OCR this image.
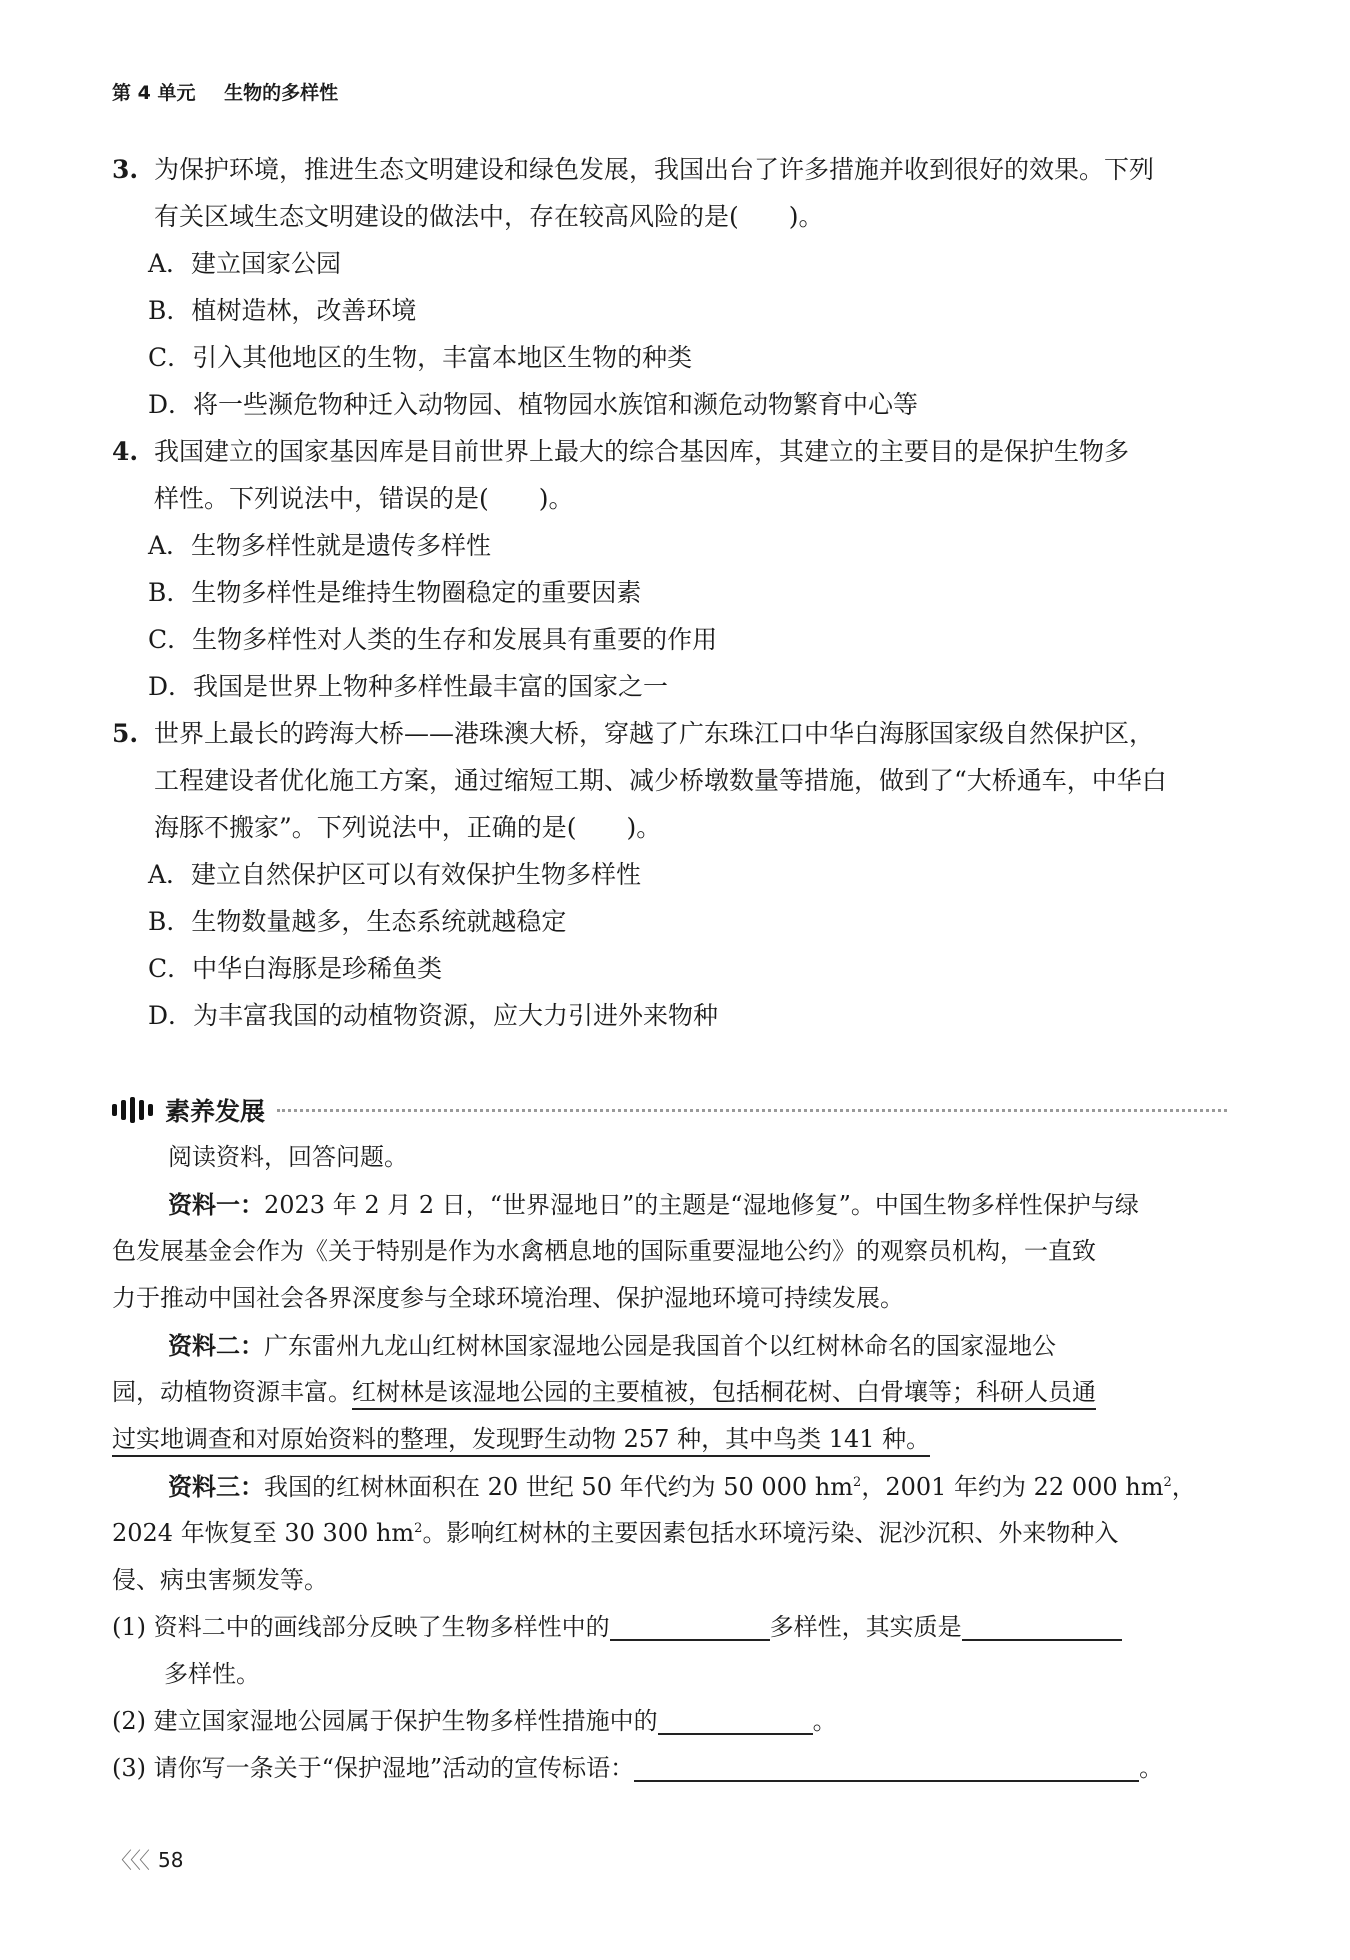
第 4 单元 生物的多样性
3. 为保护环境，推进生态文明建设和绿色发展，我国出台了许多措施并收到很好的效果。下列
有关区域生态文明建设的做法中，存在较高风险的是( )。
A．建立国家公园
B．植树造林，改善环境
C．引入其他地区的生物，丰富本地区生物的种类
D．将一些濒危物种迁入动物园、植物园水族馆和濒危动物繁育中心等
4. 我国建立的国家基因库是目前世界上最大的综合基因库，其建立的主要目的是保护生物多
样性。下列说法中，错误的是( )。
A．生物多样性就是遗传多样性
B．生物多样性是维持生物圈稳定的重要因素
C．生物多样性对人类的生存和发展具有重要的作用
D．我国是世界上物种多样性最丰富的国家之一
5. 世界上最长的跨海大桥——港珠澳大桥，穿越了广东珠江口中华白海豚国家级自然保护区，
工程建设者优化施工方案，通过缩短工期、减少桥墩数量等措施，做到了“大桥通车，中华白
海豚不搬家”。下列说法中，正确的是( )。
A．建立自然保护区可以有效保护生物多样性
B．生物数量越多，生态系统就越稳定
C．中华白海豚是珍稀鱼类
D．为丰富我国的动植物资源，应大力引进外来物种
素养发展
阅读资料，回答问题。
资料一：2023 年 2 月 2 日，“世界湿地日”的主题是“湿地修复”。中国生物多样性保护与绿
色发展基金会作为《关于特别是作为水禽栖息地的国际重要湿地公约》的观察员机构，一直致
力于推动中国社会各界深度参与全球环境治理、保护湿地环境可持续发展。
资料二：广东雷州九龙山红树林国家湿地公园是我国首个以红树林命名的国家湿地公
园，动植物资源丰富。红树林是该湿地公园的主要植被，包括桐花树、白骨壤等；科研人员通
过实地调查和对原始资料的整理，发现野生动物 257 种，其中鸟类 141 种。
资料三：我国的红树林面积在 20 世纪 50 年代约为 50 000 $hm^2$，2001 年约为 22 000 $hm^2$，
2024 年恢复至 30 300 $hm^2$。影响红树林的主要因素包括水环境污染、泥沙沉积、外来物种入
侵、病虫害频发等。
(1) 资料二中的画线部分反映了生物多样性中的	多样性，其实质是
多样性。
(2) 建立国家湿地公园属于保护生物多样性措施中的	。
(3) 请你写一条关于“保护湿地”活动的宣传标语：	。
〈〈〈 58
